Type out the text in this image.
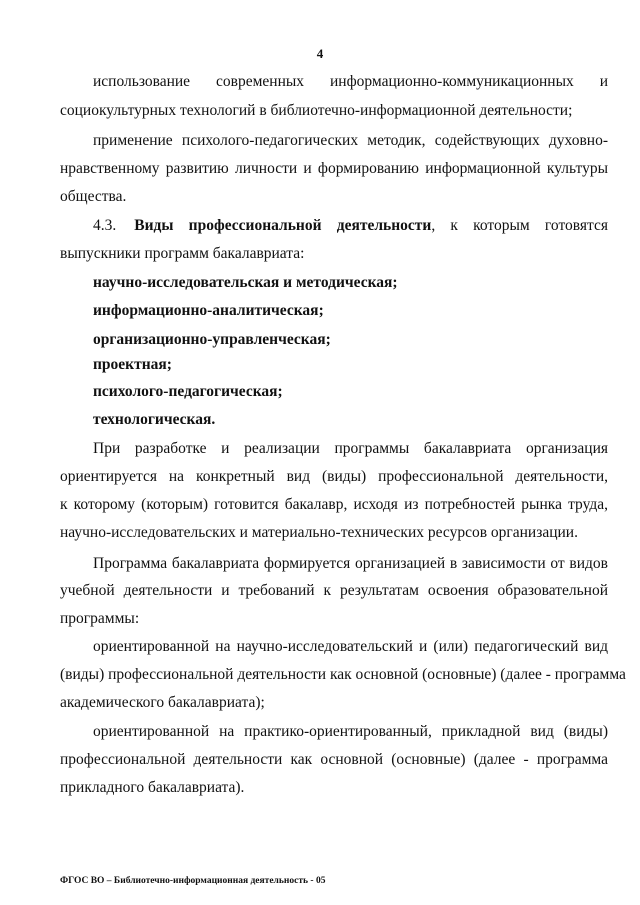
4
использование современных информационно-коммуникационных и
социокультурных технологий в библиотечно-информационной деятельности;
применение психолого-педагогических методик, содействующих духовно-
нравственному развитию личности и формированию информационной культуры
общества.
4.3. Виды профессиональной деятельности, к которым готовятся
выпускники программ бакалавриата:
научно-исследовательская и методическая;
информационно-аналитическая;
организационно-управленческая;
проектная;
психолого-педагогическая;
технологическая.
При разработке и реализации программы бакалавриата организация
ориентируется на конкретный вид (виды) профессиональной деятельности,
к которому (которым) готовится бакалавр, исходя из потребностей рынка труда,
научно-исследовательских и материально-технических ресурсов организации.
Программа бакалавриата формируется организацией в зависимости от видов
учебной деятельности и требований к результатам освоения образовательной
программы:
ориентированной на научно-исследовательский и (или) педагогический вид
(виды) профессиональной деятельности как основной (основные) (далее - программа
академического бакалавриата);
ориентированной на практико-ориентированный, прикладной вид (виды)
профессиональной деятельности как основной (основные) (далее - программа
прикладного бакалавриата).
ФГОС ВО – Библиотечно-информационная деятельность - 05
